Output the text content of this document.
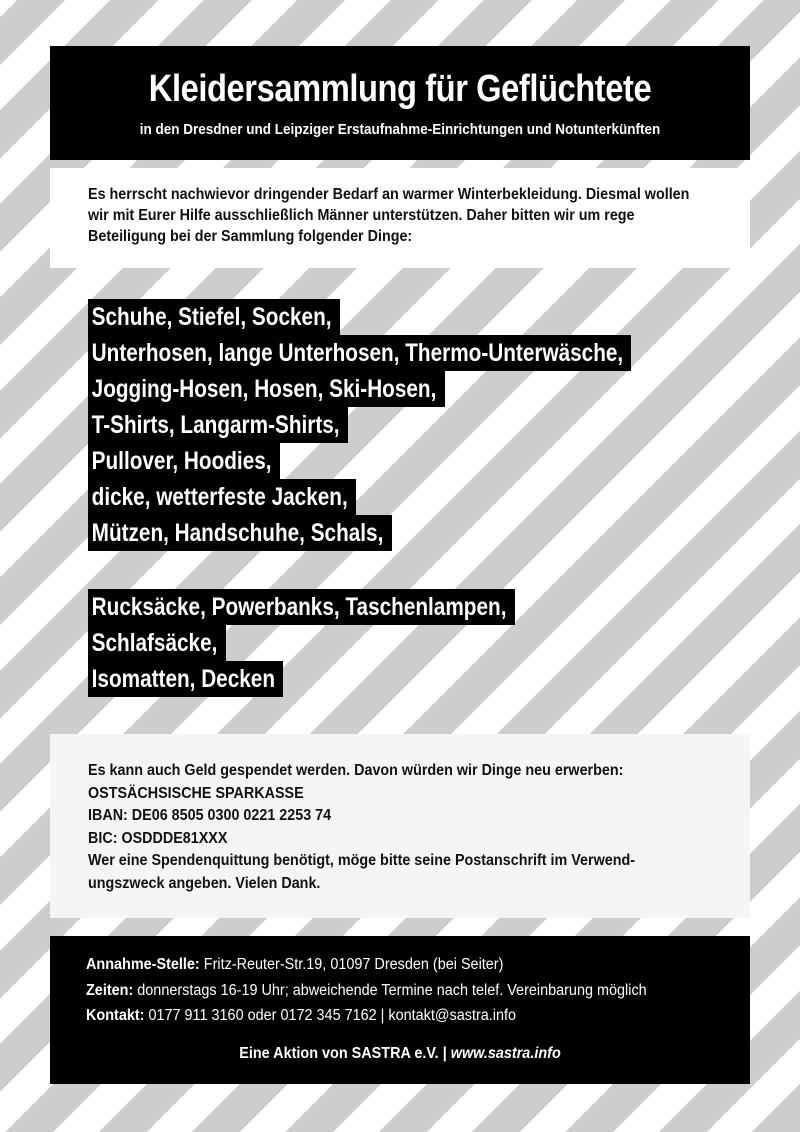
Kleidersammlung für Geflüchtete
in den Dresdner und Leipziger Erstaufnahme-Einrichtungen und Notunterkünften

Es herrscht nachwievor dringender Bedarf an warmer Winterbekleidung. Diesmal wollen wir mit Eurer Hilfe ausschließlich Männer unterstützen. Daher bitten wir um rege Beteiligung bei der Sammlung folgender Dinge:

Schuhe, Stiefel, Socken,
Unterhosen, lange Unterhosen, Thermo-Unterwäsche,
Jogging-Hosen, Hosen, Ski-Hosen,
T-Shirts, Langarm-Shirts,
Pullover, Hoodies,
dicke, wetterfeste Jacken,
Mützen, Handschuhe, Schals,
Rucksäcke, Powerbanks, Taschenlampen,
Schlafsäcke,
Isomatten, Decken

Es kann auch Geld gespendet werden. Davon würden wir Dinge neu erwerben:
OSTSÄCHSISCHE SPARKASSE
IBAN: DE06 8505 0300 0221 2253 74
BIC: OSDDDE81XXX
Wer eine Spendenquittung benötigt, möge bitte seine Postanschrift im Verwend- ungszweck angeben. Vielen Dank.

Annahme-Stelle: Fritz-Reuter-Str.19, 01097 Dresden (bei Seiter)
Zeiten: donnerstags 16-19 Uhr; abweichende Termine nach telef. Vereinbarung möglich
Kontakt: 0177 911 3160 oder 0172 345 7162 | kontakt@sastra.info
Eine Aktion von SASTRA e.V. | www.sastra.info
